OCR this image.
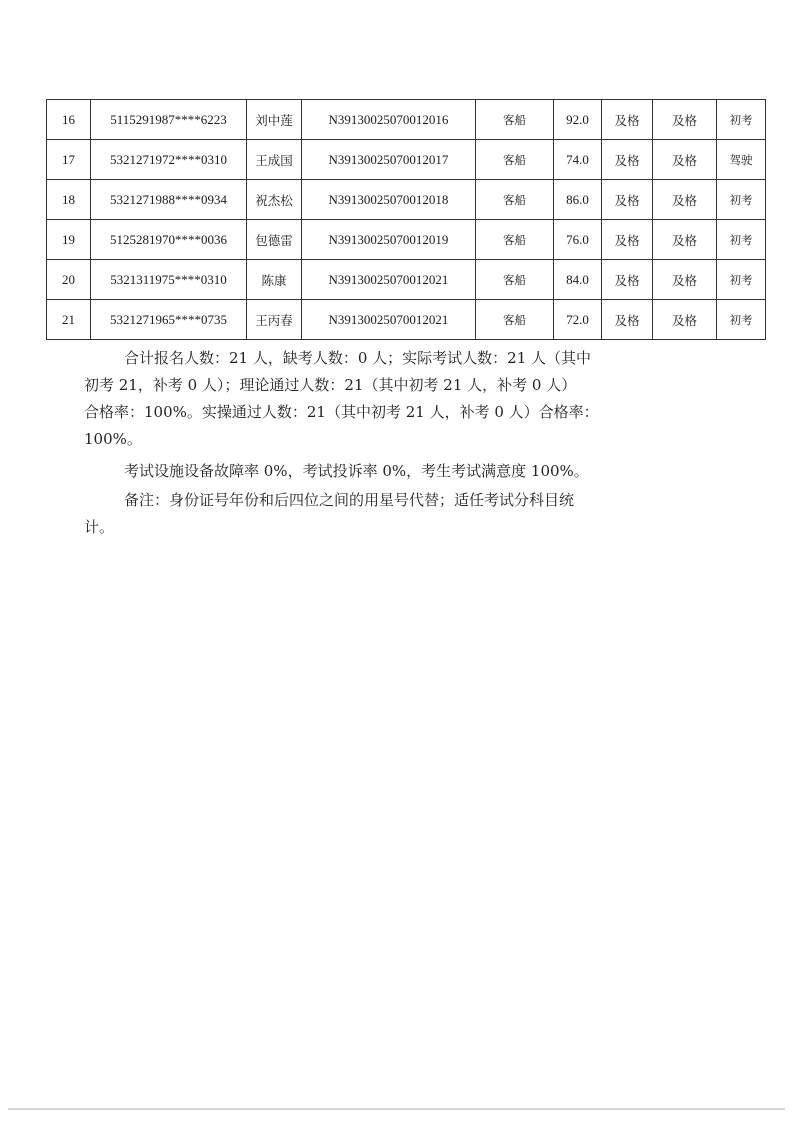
16	5115291987****6223	刘中莲	N39130025070012016	客船	92.0	及格	及格	初考
17	5321271972****0310	王成国	N39130025070012017	客船	74.0	及格	及格	驾驶
18	5321271988****0934	祝杰松	N39130025070012018	客船	86.0	及格	及格	初考
19	5125281970****0036	包德雷	N39130025070012019	客船	76.0	及格	及格	初考
20	5321311975****0310	陈康	N39130025070012021	客船	84.0	及格	及格	初考
21	5321271965****0735	王丙春	N39130025070012021	客船	72.0	及格	及格	初考
合计报名人数：21 人，缺考人数：0 人；实际考试人数：21 人（其中
初考 21，补考 0 人）；理论通过人数：21（其中初考 21 人，补考 0 人）
合格率：100%。实操通过人数：21（其中初考 21 人，补考 0 人）合格率：
100%。
考试设施设备故障率 0%，考试投诉率 0%，考生考试满意度 100%。
备注：身份证号年份和后四位之间的用星号代替；适任考试分科目统
计。
